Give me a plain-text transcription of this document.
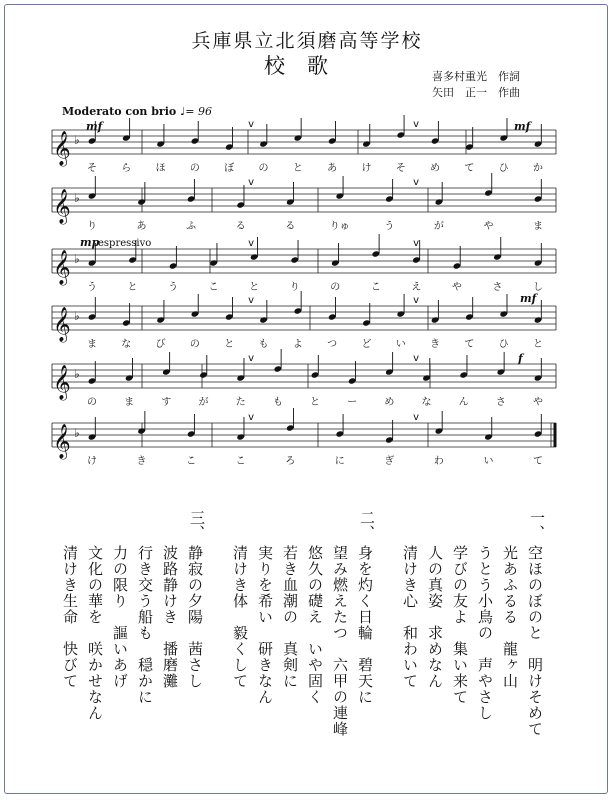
兵庫県立北須磨高等学校
校歌	喜多村重光　作詞
矢田　正一　作曲
Moderato con brio ♩= 96
mf	mf
mp
espressivo
mf
f
𝄞 ♭
そ ら ほ の ぼ の と あ け そ め て ひ か
v	v
𝄞 ♭
り	あ	ふ	る	る	りゅ	う	が	や	ま
v	v
𝄞 ♭
う	と	う	こ	と	り	の	こ	え	や	さ	し
v	v
𝄞 ♭
ま な び の と も よ つ ど い き て ひ と
v	v
𝄞 ♭
の	ま	す	が	た	も	と	ー	め	な	ん	さ	や
v	v
𝄞 ♭
け	き	こ	こ	ろ	に	ぎ	わ	い	て
v	v
一、
空ほのぼのと　明けそめて
光あふるる　龍ヶ山
うとう小鳥の　声やさし
学びの友よ　集い来て
人の真姿　求めなん
清けき心　和わいて
二、
身を灼く日輪　碧天に
望み燃えたつ　六甲の連峰
悠久の礎え　いや固く
若き血潮の　真剣に
実りを希い　研きなん
清けき体　毅くして
三、
静寂の夕陽　茜さし
波路静けき　播磨灘
行き交う船も　穏かに
力の限り　謳いあげ
文化の華を　咲かせなん
清けき生命　快びて
